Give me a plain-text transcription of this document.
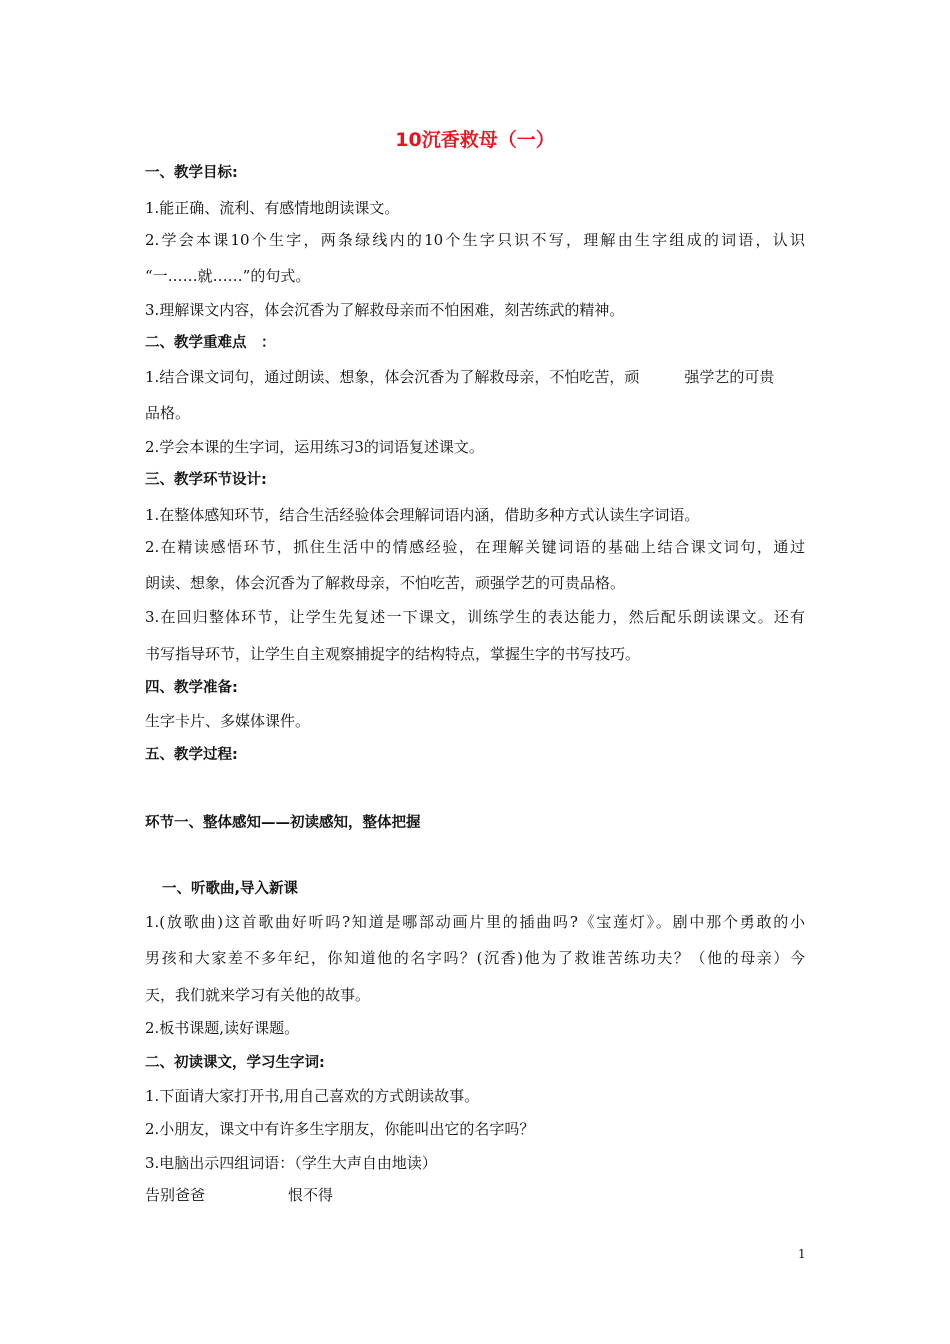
10沉香救母（一）
一、教学目标:
1.能正确、流利、有感情地朗读课文。
2.学会本课10个生字，两条绿线内的10个生字只识不写，理解由生字组成的词语，认识
“一……就……”的句式。
3.理解课文内容，体会沉香为了解救母亲而不怕困难，刻苦练武的精神。
二、教学重难点　：
1.结合课文词句，通过朗读、想象，体会沉香为了解救母亲，不怕吃苦，顽　　　强学艺的可贵
品格。
2.学会本课的生字词，运用练习3的词语复述课文。
三、教学环节设计:
1.在整体感知环节，结合生活经验体会理解词语内涵，借助多种方式认读生字词语。
2.在精读感悟环节，抓住生活中的情感经验，在理解关键词语的基础上结合课文词句，通过
朗读、想象，体会沉香为了解救母亲，不怕吃苦，顽强学艺的可贵品格。
3.在回归整体环节，让学生先复述一下课文，训练学生的表达能力，然后配乐朗读课文。还有
书写指导环节，让学生自主观察捕捉字的结构特点，掌握生字的书写技巧。
四、教学准备:
生字卡片、多媒体课件。
五、教学过程:
环节一、整体感知——初读感知，整体把握
一、听歌曲,导入新课
1.(放歌曲)这首歌曲好听吗?知道是哪部动画片里的插曲吗?《宝莲灯》。剧中那个勇敢的小
男孩和大家差不多年纪，你知道他的名字吗？(沉香)他为了救谁苦练功夫？（他的母亲）今
天，我们就来学习有关他的故事。
2.板书课题,读好课题。
二、初读课文，学习生字词:
1.下面请大家打开书,用自己喜欢的方式朗读故事。
2.小朋友，课文中有许多生字朋友，你能叫出它的名字吗？
3.电脑出示四组词语：（学生大声自由地读）
告别爸爸	恨不得
1
